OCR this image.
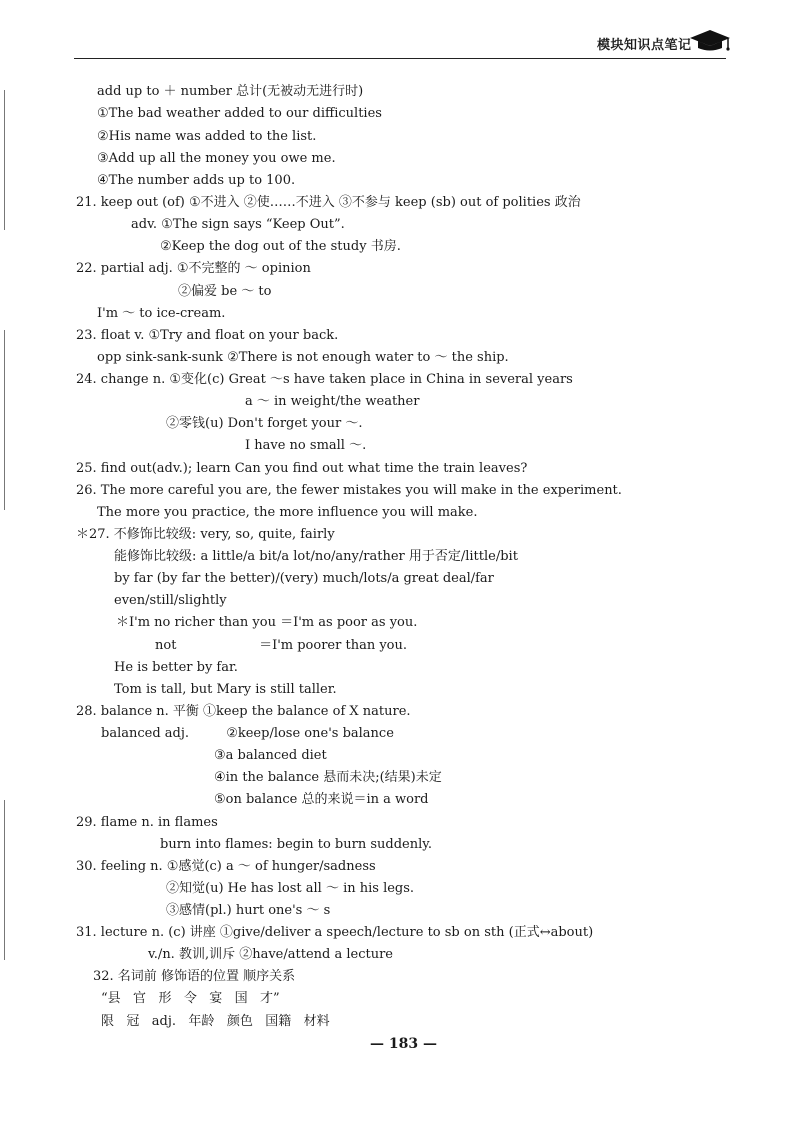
模块知识点笔记
add up to ＋ number 总计(无被动无进行时)
①The bad weather added to our difficulties
②His name was added to the list.
③Add up all the money you owe me.
④The number adds up to 100.
21. keep out (of) ①不进入 ②使……不进入 ③不参与 keep (sb) out of polities 政治
adv. ①The sign says “Keep Out”.
②Keep the dog out of the study 书房.
22. partial adj. ①不完整的 ～ opinion
②偏爱 be ～ to
I'm ～ to ice-cream.
23. float v. ①Try and float on your back.
opp sink-sank-sunk ②There is not enough water to ～ the ship.
24. change n. ①变化(c) Great ～s have taken place in China in several years
a ～ in weight/the weather
②零钱(u) Don't forget your ～.
I have no small ～.
25. find out(adv.); learn Can you find out what time the train leaves?
26. The more careful you are, the fewer mistakes you will make in the experiment.
The more you practice, the more influence you will make.
＊27. 不修饰比较级: very, so, quite, fairly
能修饰比较级: a little/a bit/a lot/no/any/rather 用于否定/little/bit
by far (by far the better)/(very) much/lots/a great deal/far
even/still/slightly
＊I'm no richer than you ＝I'm as poor as you.
not                    ＝I'm poorer than you.
He is better by far.
Tom is tall, but Mary is still taller.
28. balance n. 平衡 ①keep the balance of X nature.
balanced adj.         ②keep/lose one's balance
③a balanced diet
④in the balance 悬而未决;(结果)未定
⑤on balance 总的来说＝in a word
29. flame n. in flames
burn into flames: begin to burn suddenly.
30. feeling n. ①感觉(c) a ～ of hunger/sadness
②知觉(u) He has lost all ～ in his legs.
③感情(pl.) hurt one's ～ s
31. lecture n. (c) 讲座 ①give/deliver a speech/lecture to sb on sth (正式↔about)
v./n. 教训,训斥 ②have/attend a lecture
32. 名词前 修饰语的位置 顺序关系
“县   官   形   令   宴   国   才”
限   冠   adj.   年龄   颜色   国籍   材料
— 183 —
